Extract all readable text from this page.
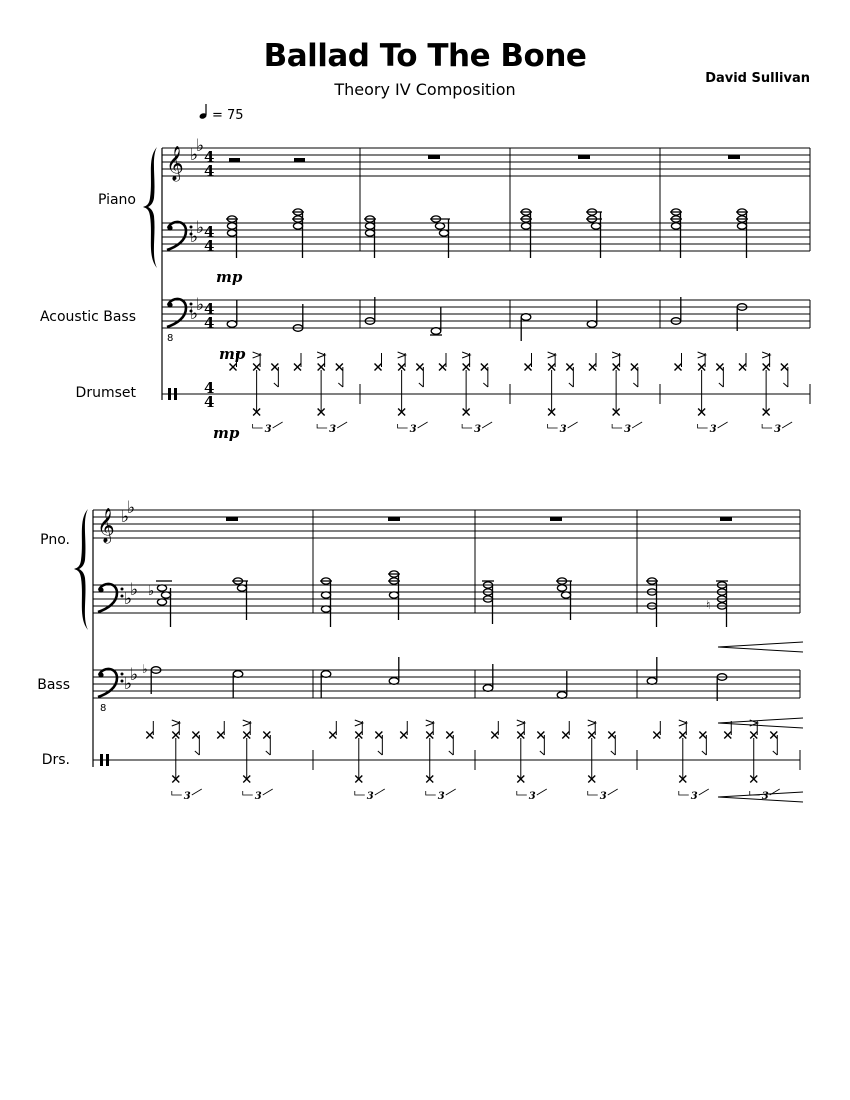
Ballad To The Bone
Theory IV Composition
David Sullivan
= 75
Piano
Acoustic Bass
Drumset
𝄞
8
♭
♭
♭
♭
♭
♭
4
4
4
4
4
4
4
4
mp
mp
mp	3	3	3	3	3	3	3	3
Pno.
Bass
Drs.
𝄞
8
♭
♭
♭
♭
♭
♭
♭
♮
♭
3	3	3	3	3	3	3	3
